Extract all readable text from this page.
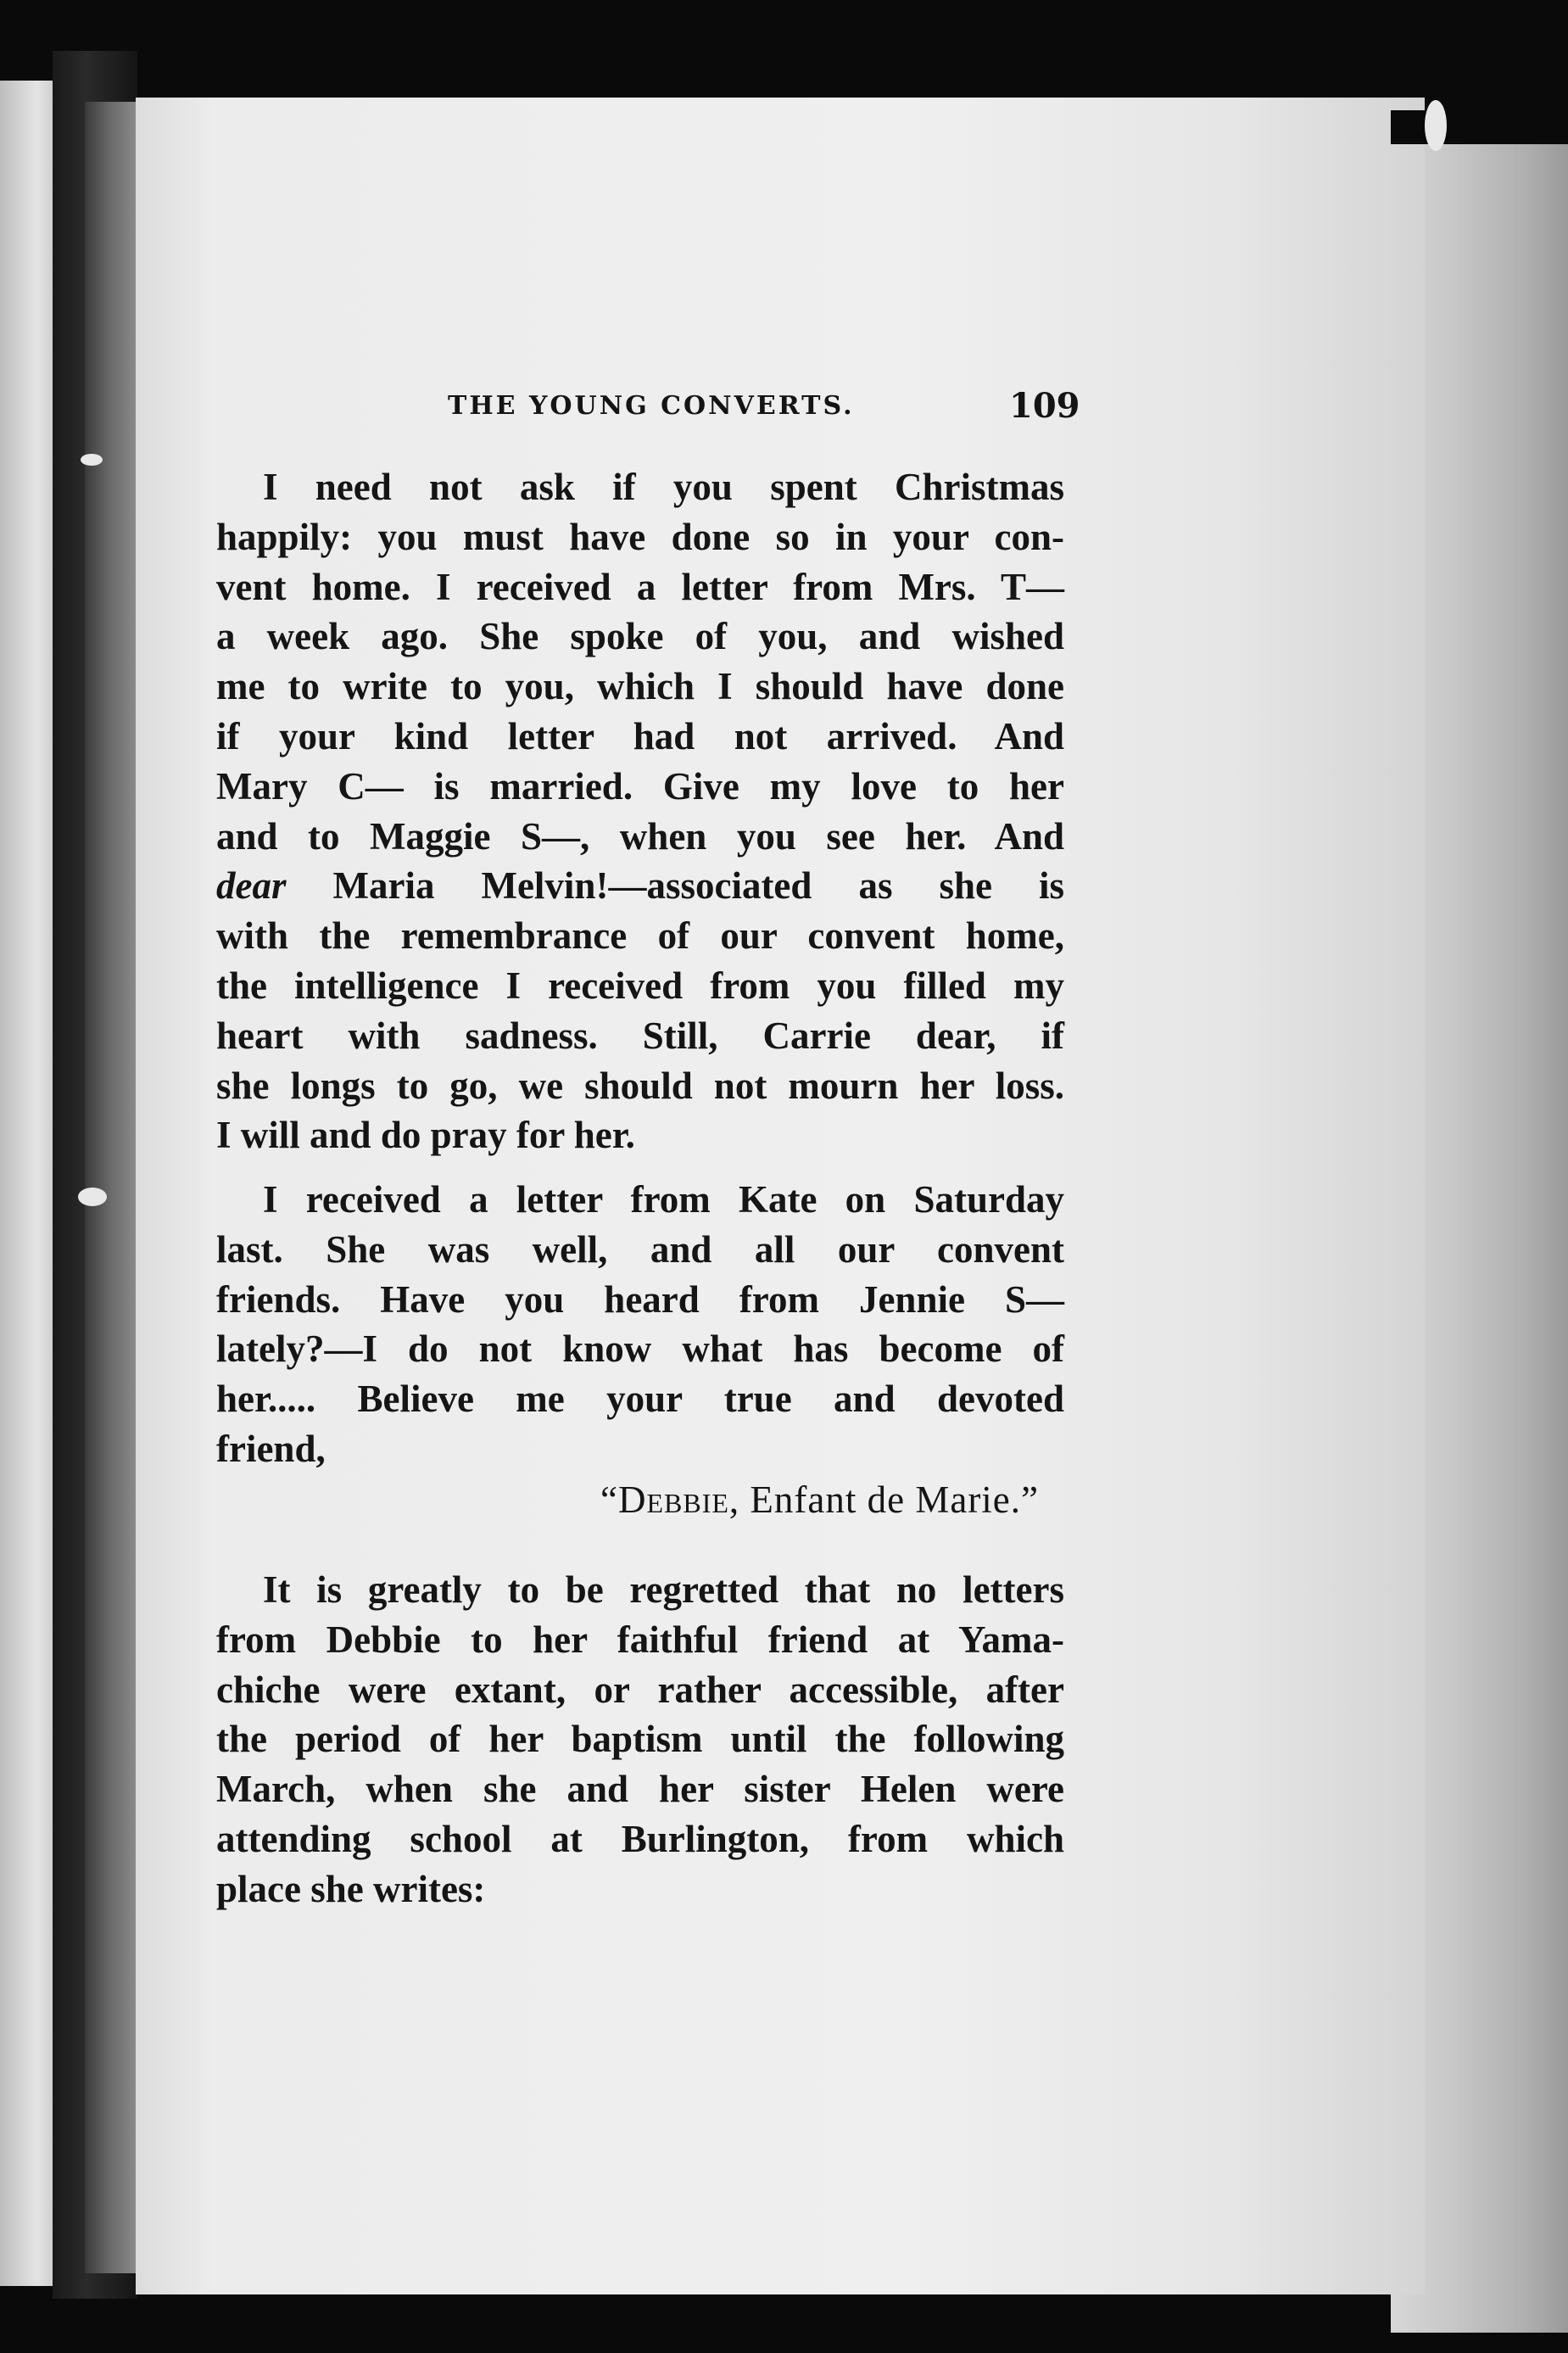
THE YOUNG CONVERTS.	109
I need not ask if you spent Christmas
happily: you must have done so in your con-
vent home. I received a letter from Mrs. T—
a week ago. She spoke of you, and wished
me to write to you, which I should have done
if your kind letter had not arrived. And
Mary C— is married. Give my love to her
and to Maggie S—, when you see her. And
dear Maria Melvin!—associated as she is
with the remembrance of our convent home,
the intelligence I received from you filled my
heart with sadness. Still, Carrie dear, if
she longs to go, we should not mourn her loss.
I will and do pray for her.
I received a letter from Kate on Saturday
last. She was well, and all our convent
friends. Have you heard from Jennie S—
lately?—I do not know what has become of
her..... Believe me your true and devoted
friend,
“Debbie, Enfant de Marie.”
It is greatly to be regretted that no letters
from Debbie to her faithful friend at Yama-
chiche were extant, or rather accessible, after
the period of her baptism until the following
March, when she and her sister Helen were
attending school at Burlington, from which
place she writes:
